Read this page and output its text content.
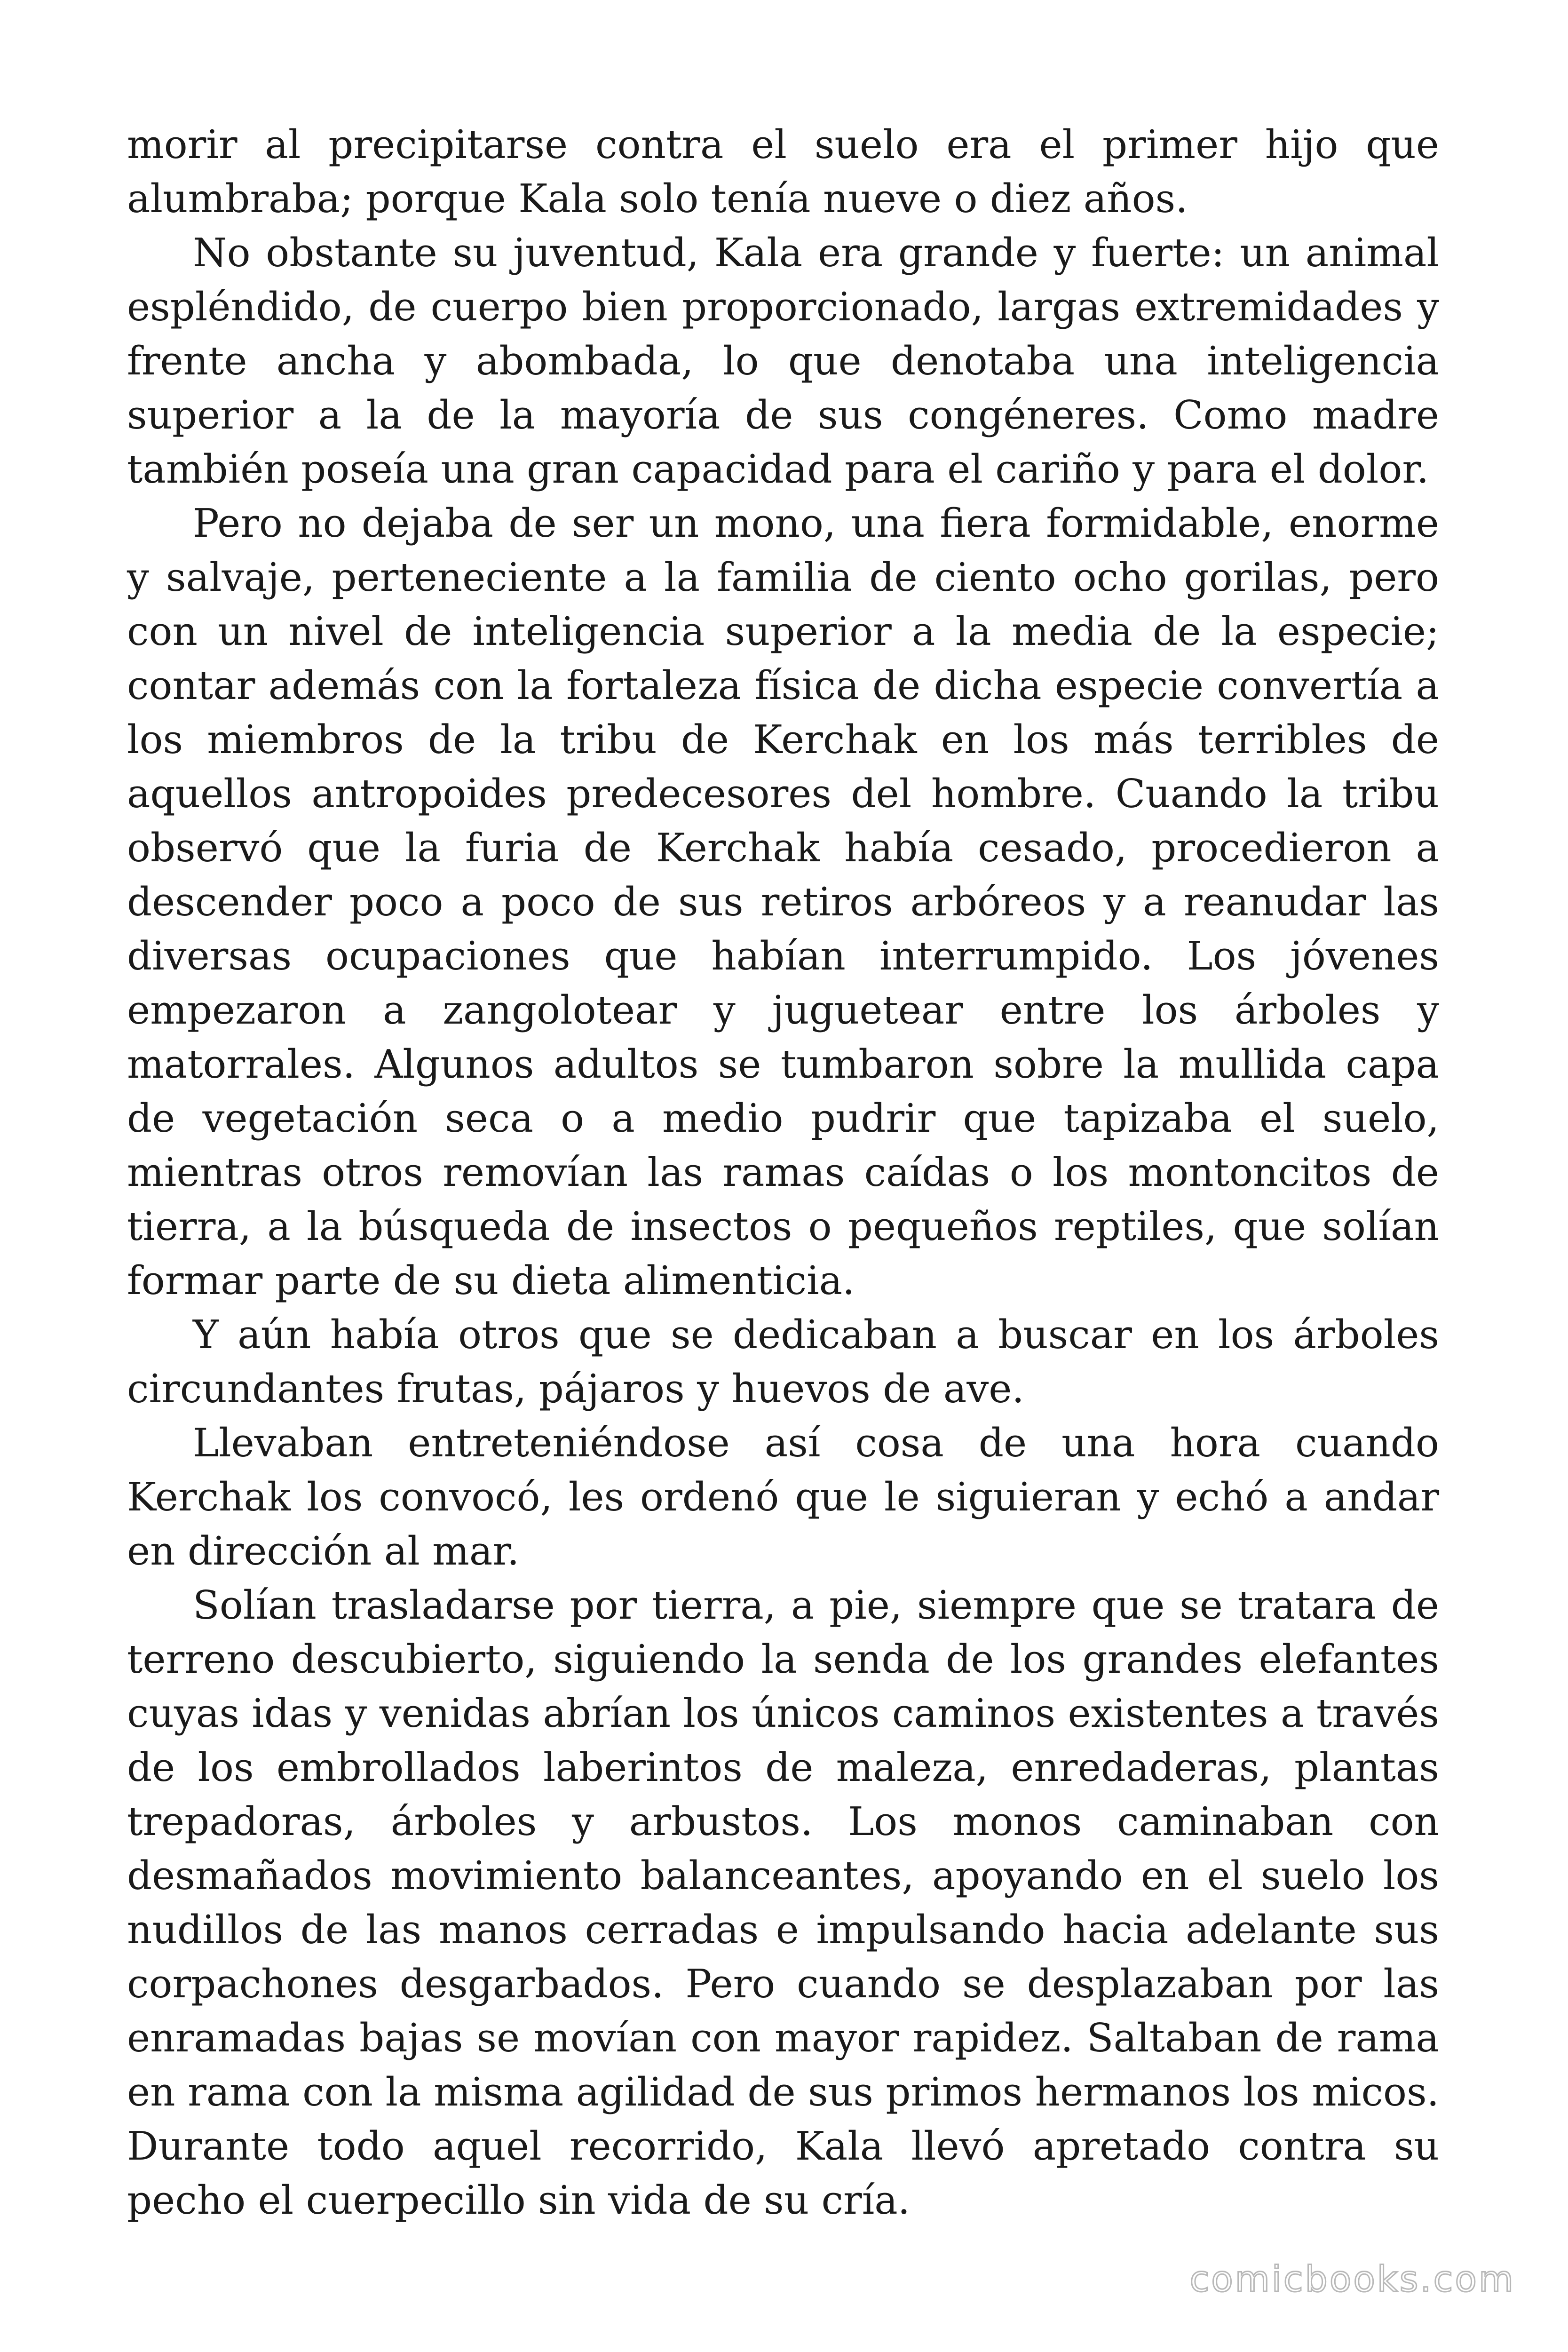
morir al precipitarse contra el suelo era el primer hijo que alumbraba; porque Kala solo tenía nueve o diez años.

No obstante su juventud, Kala era grande y fuerte: un animal espléndido, de cuerpo bien proporcionado, largas extremidades y frente ancha y abombada, lo que denotaba una inteligencia superior a la de la mayoría de sus congéneres. Como madre también poseía una gran capacidad para el cariño y para el dolor.

Pero no dejaba de ser un mono, una fiera formidable, enorme y salvaje, perteneciente a la familia de ciento ocho gorilas, pero con un nivel de inteligencia superior a la media de la especie; contar además con la fortaleza física de dicha especie convertía a los miembros de la tribu de Kerchak en los más terribles de aquellos antropoides predecesores del hombre. Cuando la tribu observó que la furia de Kerchak había cesado, procedieron a descender poco a poco de sus retiros arbóreos y a reanudar las diversas ocupaciones que habían interrumpido. Los jóvenes empezaron a zangolotear y juguetear entre los árboles y matorrales. Algunos adultos se tumbaron sobre la mullida capa de vegetación seca o a medio pudrir que tapizaba el suelo, mientras otros removían las ramas caídas o los montoncitos de tierra, a la búsqueda de insectos o pequeños reptiles, que solían formar parte de su dieta alimenticia.

Y aún había otros que se dedicaban a buscar en los árboles circundantes frutas, pájaros y huevos de ave.

Llevaban entreteniéndose así cosa de una hora cuando Kerchak los convocó, les ordenó que le siguieran y echó a andar en dirección al mar.

Solían trasladarse por tierra, a pie, siempre que se tratara de terreno descubierto, siguiendo la senda de los grandes elefantes cuyas idas y venidas abrían los únicos caminos existentes a través de los embrollados laberintos de maleza, enredaderas, plantas trepadoras, árboles y arbustos. Los monos caminaban con desmañados movimiento balanceantes, apoyando en el suelo los nudillos de las manos cerradas e impulsando hacia adelante sus corpachones desgarbados. Pero cuando se desplazaban por las enramadas bajas se movían con mayor rapidez. Saltaban de rama en rama con la misma agilidad de sus primos hermanos los micos. Durante todo aquel recorrido, Kala llevó apretado contra su pecho el cuerpecillo sin vida de su cría.

comicbooks.com
